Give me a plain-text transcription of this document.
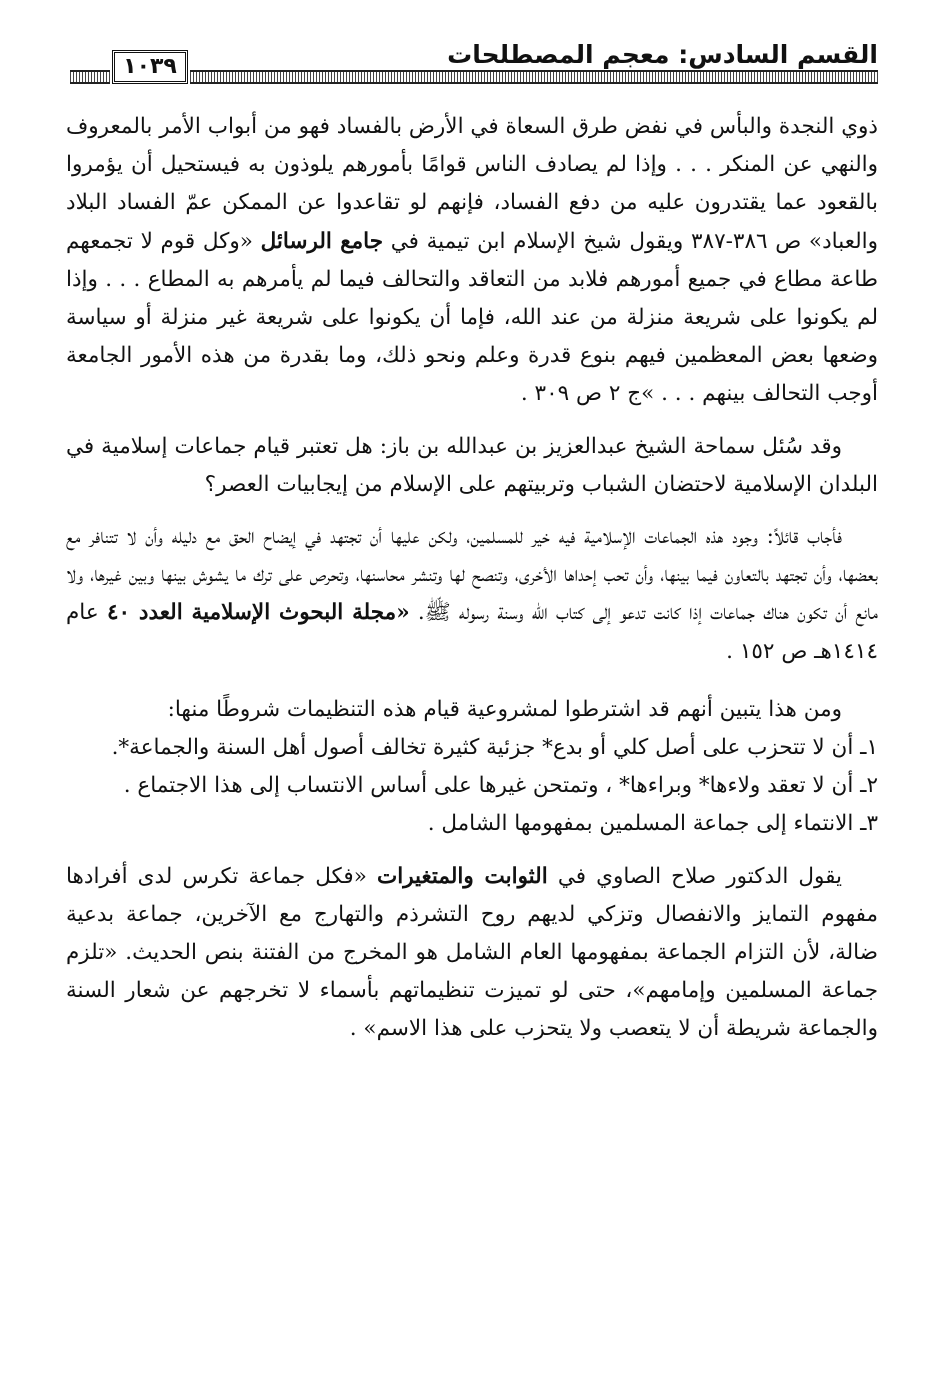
القسم السادس: معجم المصطلحات
١٠٣٩

ذوي النجدة والبأس في نفض طرق السعاة في الأرض بالفساد فهو من أبواب الأمر بالمعروف والنهي عن المنكر . . . وإذا لم يصادف الناس قوامًا بأمورهم يلوذون به فيستحيل أن يؤمروا بالقعود عما يقتدرون عليه من دفع الفساد، فإنهم لو تقاعدوا عن الممكن عمّ الفساد البلاد والعباد» ص ٣٨٦-٣٨٧ ويقول شيخ الإسلام ابن تيمية في جامع الرسائل «وكل قوم لا تجمعهم طاعة مطاع في جميع أمورهم فلابد من التعاقد والتحالف فيما لم يأمرهم به المطاع . . . وإذا لم يكونوا على شريعة منزلة من عند الله، فإما أن يكونوا على شريعة غير منزلة أو سياسة وضعها بعض المعظمين فيهم بنوع قدرة وعلم ونحو ذلك، وما بقدرة من هذه الأمور الجامعة أوجب التحالف بينهم . . . »ج ٢ ص ٣٠٩ .

وقد سُئل سماحة الشيخ عبدالعزيز بن عبدالله بن باز: هل تعتبر قيام جماعات إسلامية في البلدان الإسلامية لاحتضان الشباب وتربيتهم على الإسلام من إيجابيات العصر؟

فأجاب قائلاً: وجود هذه الجماعات الإسلامية فيه خير للمسلمين، ولكن عليها أن تجتهد في إيضاح الحق مع دليله وأن لا تتنافر مع بعضها، وأن تجتهد بالتعاون فيما بينها، وأن تحب إحداها الأخرى، وتنصح لها وتنشر محاسنها، وتحرص على ترك ما يشوش بينها وبين غيرها، ولا مانع أن تكون هناك جماعات إذا كانت تدعو إلى كتاب الله وسنة رسوله ﷺ. «مجلة البحوث الإسلامية العدد ٤٠ عام ١٤١٤هـ ص ١٥٢ .

ومن هذا يتبين أنهم قد اشترطوا لمشروعية قيام هذه التنظيمات شروطًا منها:

١ـ أن لا تتحزب على أصل كلي أو بدع* جزئية كثيرة تخالف أصول أهل السنة والجماعة*.

٢ـ أن لا تعقد ولاءها* وبراءها* ، وتمتحن غيرها على أساس الانتساب إلى هذا الاجتماع .

٣ـ الانتماء إلى جماعة المسلمين بمفهومها الشامل .

يقول الدكتور صلاح الصاوي في الثوابت والمتغيرات «فكل جماعة تكرس لدى أفرادها مفهوم التمايز والانفصال وتزكي لديهم روح التشرذم والتهارج مع الآخرين، جماعة بدعية ضالة، لأن التزام الجماعة بمفهومها العام الشامل هو المخرج من الفتنة بنص الحديث. «تلزم جماعة المسلمين وإمامهم»، حتى لو تميزت تنظيماتهم بأسماء لا تخرجهم عن شعار السنة والجماعة شريطة أن لا يتعصب ولا يتحزب على هذا الاسم» .
